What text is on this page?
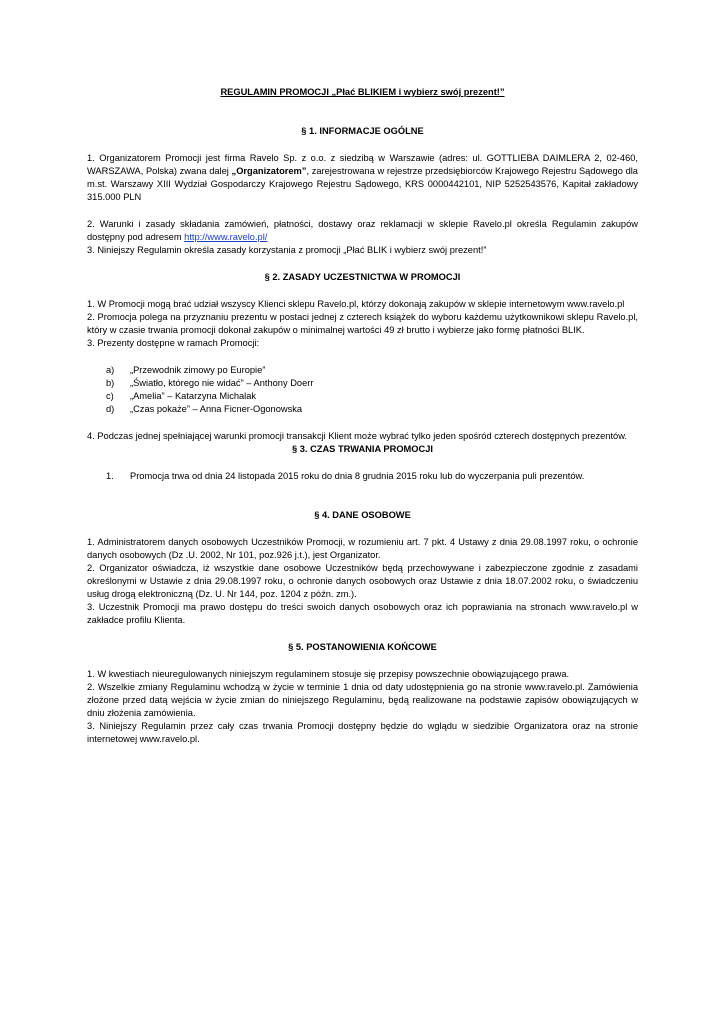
REGULAMIN PROMOCJI „Płać BLIKIEM i wybierz swój prezent!”

§ 1. INFORMACJE OGÓLNE

1. Organizatorem Promocji jest firma Ravelo Sp. z o.o. z siedzibą w Warszawie (adres: ul. GOTTLIEBA DAIMLERA 2, 02-460, WARSZAWA, Polska) zwana dalej „Organizatorem”, zarejestrowana w rejestrze przedsiębiorców Krajowego Rejestru Sądowego dla m.st. Warszawy XIII Wydział Gospodarczy Krajowego Rejestru Sądowego, KRS 0000442101, NIP 5252543576, Kapitał zakładowy 315.000 PLN

2. Warunki i zasady składania zamówień, płatności, dostawy oraz reklamacji w sklepie Ravelo.pl określa Regulamin zakupów dostępny pod adresem http://www.ravelo.pl/

3. Niniejszy Regulamin określa zasady korzystania z promocji „Płać BLIK i wybierz swój prezent!”

§ 2. ZASADY UCZESTNICTWA W PROMOCJI

1. W Promocji mogą brać udział wszyscy Klienci sklepu Ravelo.pl, którzy dokonają zakupów w sklepie internetowym www.ravelo.pl

2. Promocja polega na przyznaniu prezentu w postaci jednej z czterech książek do wyboru każdemu użytkownikowi sklepu Ravelo.pl, który w czasie trwania promocji dokonał zakupów o minimalnej wartości 49 zł brutto i wybierze jako formę płatności BLIK.

3. Prezenty dostępne w ramach Promocji:

a) „Przewodnik zimowy po Europie”
b) „Światło, którego nie widać” – Anthony Doerr
c) „Amelia” – Katarzyna Michalak
d) „Czas pokaże” – Anna Ficner-Ogonowska

4. Podczas jednej spełniającej warunki promocji transakcji Klient może wybrać tylko jeden spośród czterech dostępnych prezentów.

§ 3. CZAS TRWANIA PROMOCJI

1. Promocja trwa od dnia 24 listopada 2015 roku do dnia 8 grudnia 2015 roku lub do wyczerpania puli prezentów.

§ 4. DANE OSOBOWE

1. Administratorem danych osobowych Uczestników Promocji, w rozumieniu art. 7 pkt. 4 Ustawy z dnia 29.08.1997 roku, o ochronie danych osobowych (Dz .U. 2002, Nr 101, poz.926 j.t.), jest Organizator.

2. Organizator oświadcza, iż wszystkie dane osobowe Uczestników będą przechowywane i zabezpieczone zgodnie z zasadami określonymi w Ustawie z dnia 29.08.1997 roku, o ochronie danych osobowych oraz Ustawie z dnia 18.07.2002 roku, o świadczeniu usług drogą elektroniczną (Dz. U. Nr 144, poz. 1204 z późn. zm.).

3. Uczestnik Promocji ma prawo dostępu do treści swoich danych osobowych oraz ich poprawiania na stronach www.ravelo.pl w zakładce profilu Klienta.

§ 5. POSTANOWIENIA KOŃCOWE

1. W kwestiach nieuregulowanych niniejszym regulaminem stosuje się przepisy powszechnie obowiązującego prawa.

2. Wszelkie zmiany Regulaminu wchodzą w życie w terminie 1 dnia od daty udostępnienia go na stronie www.ravelo.pl. Zamówienia złożone przed datą wejścia w życie zmian do niniejszego Regulaminu, będą realizowane na podstawie zapisów obowiązujących w dniu złożenia zamówienia.

3. Niniejszy Regulamin przez cały czas trwania Promocji dostępny będzie do wglądu w siedzibie Organizatora oraz na stronie internetowej www.ravelo.pl.
